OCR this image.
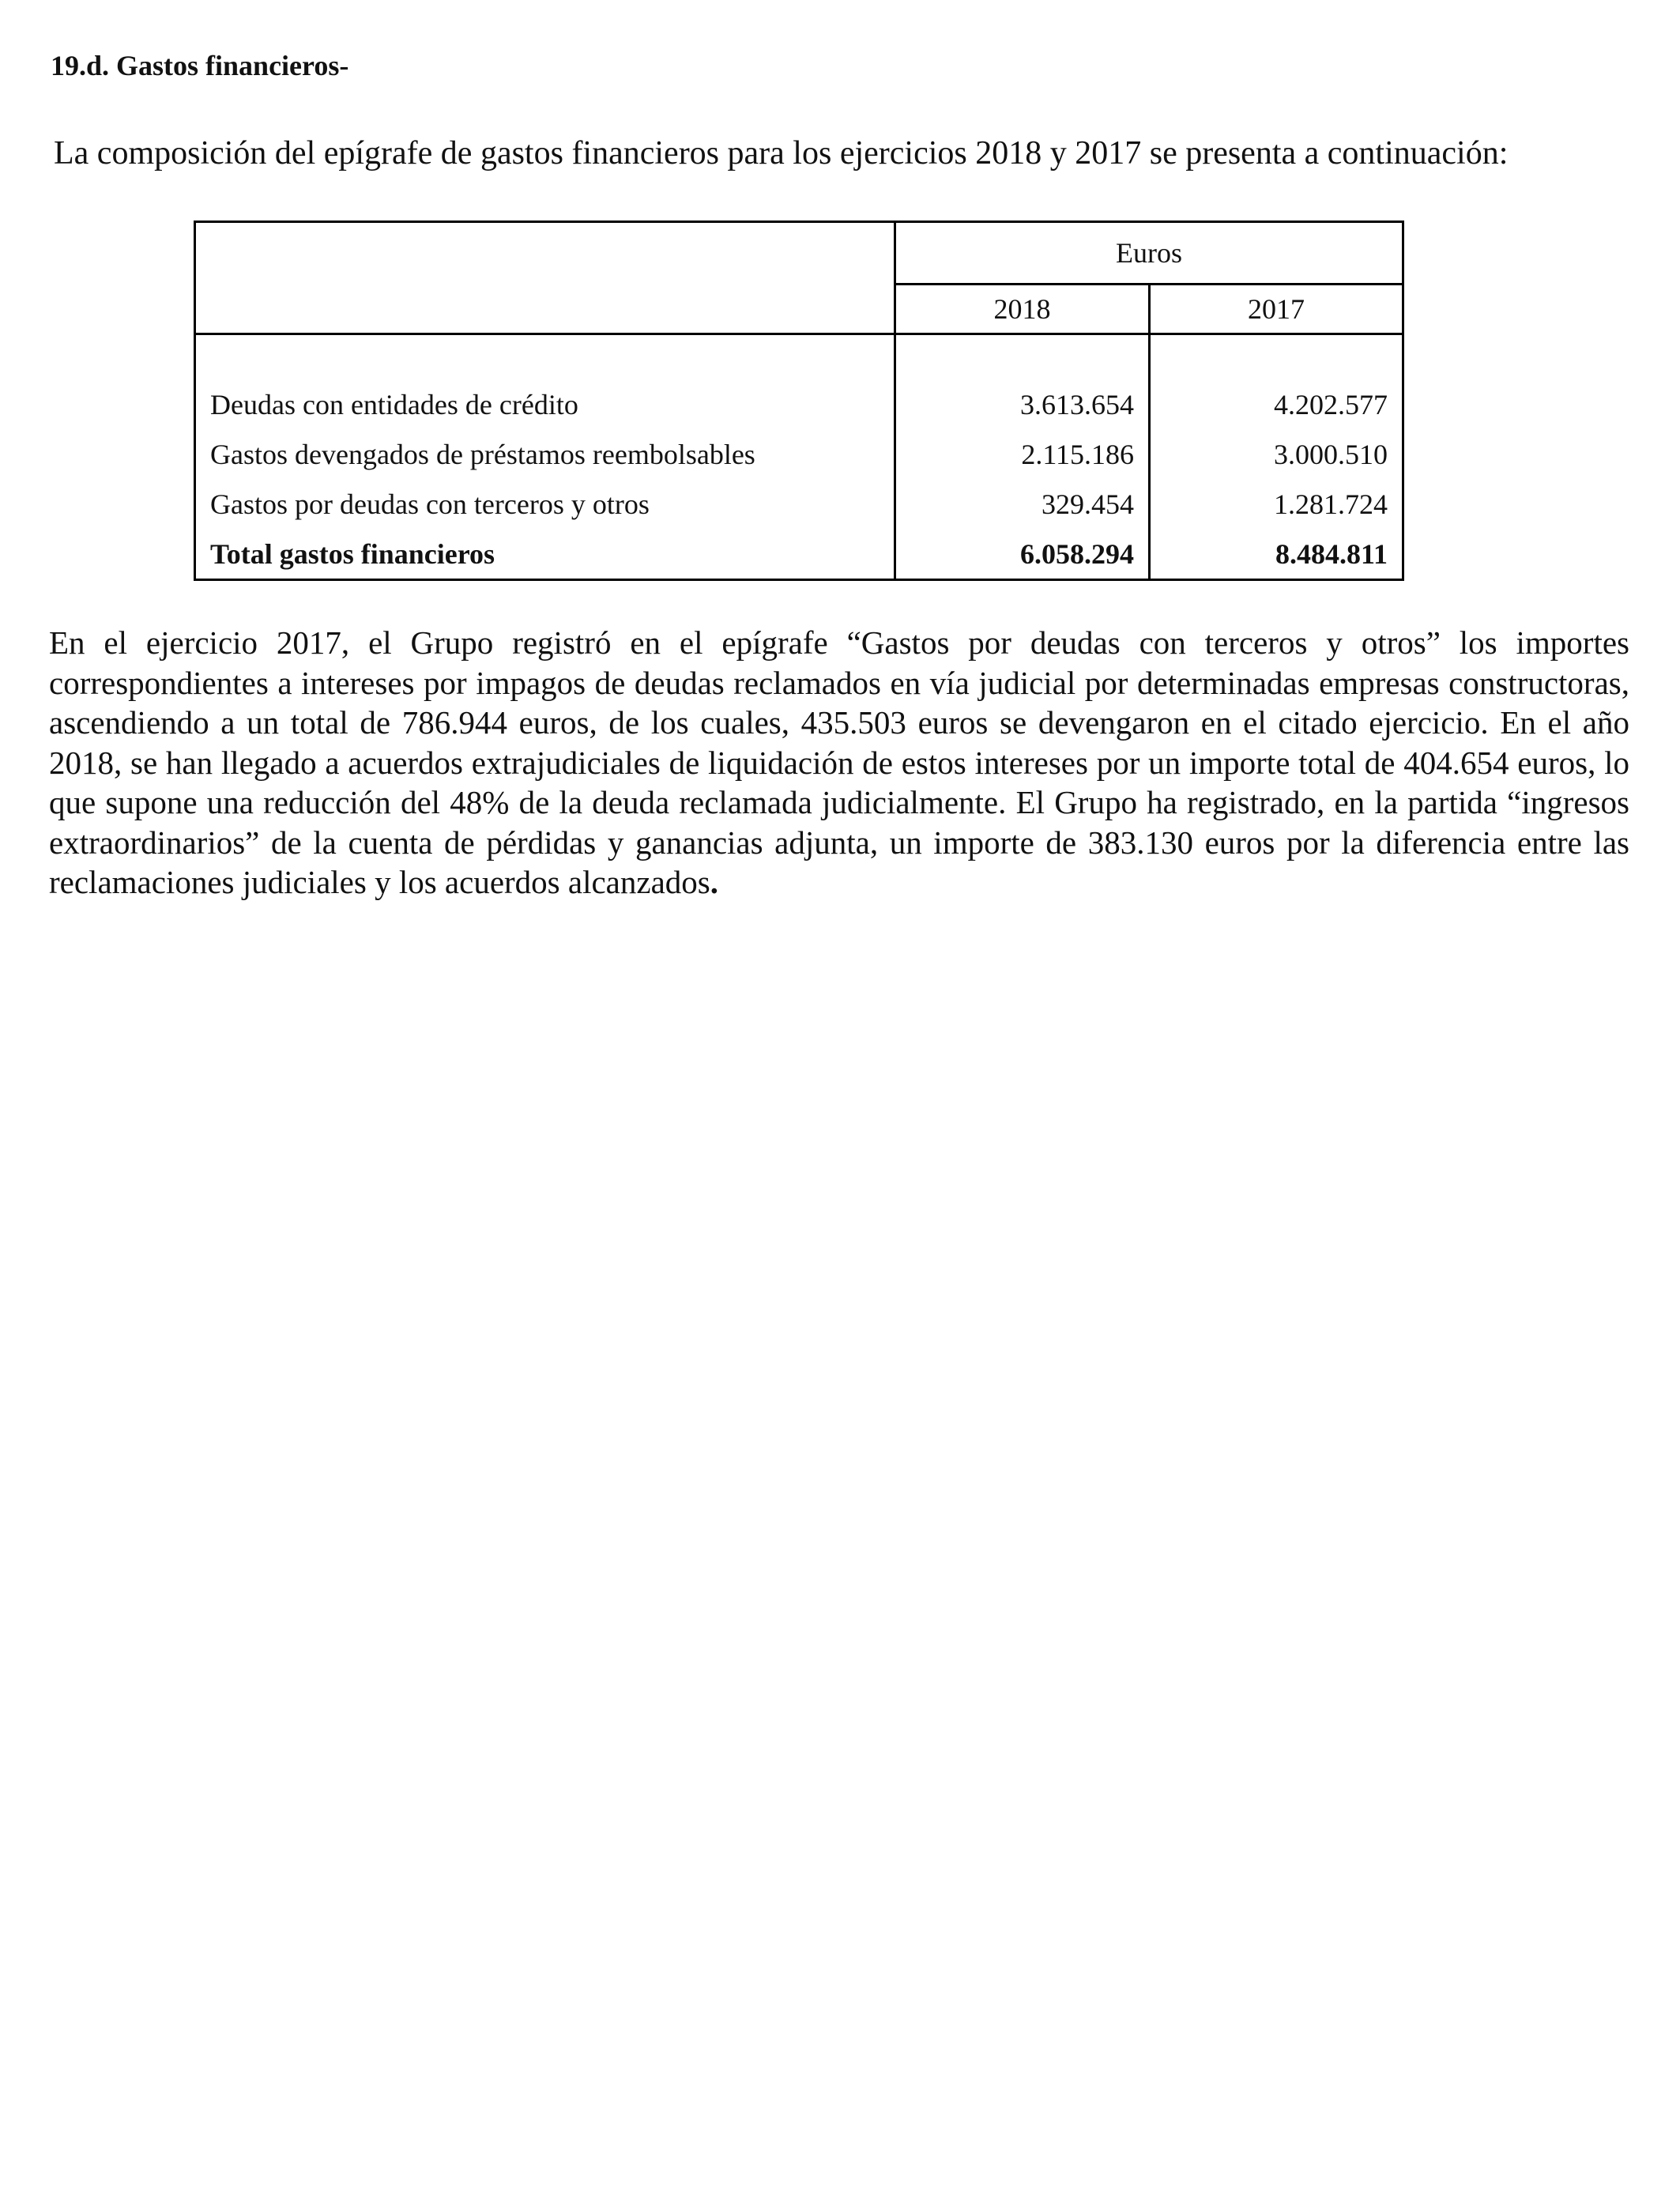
19.d. Gastos financieros-

La composición del epígrafe de gastos financieros para los ejercicios 2018 y 2017 se presenta a continuación:

	Euros	
	2018	2017

Deudas con entidades de crédito	3.613.654	4.202.577
Gastos devengados de préstamos reembolsables	2.115.186	3.000.510
Gastos por deudas con terceros y otros	329.454	1.281.724
Total gastos financieros	6.058.294	8.484.811

En el ejercicio 2017, el Grupo registró en el epígrafe “Gastos por deudas con terceros y otros” los importes correspondientes a intereses por impagos de deudas reclamados en vía judicial por determinadas empresas constructoras, ascendiendo a un total de 786.944 euros, de los cuales, 435.503 euros se devengaron en el citado ejercicio. En el año 2018, se han llegado a acuerdos extrajudiciales de liquidación de estos intereses por un importe total de 404.654 euros, lo que supone una reducción del 48% de la deuda reclamada judicialmente. El Grupo ha registrado, en la partida “ingresos extraordinarios” de la cuenta de pérdidas y ganancias adjunta, un importe de 383.130 euros por la diferencia entre las reclamaciones judiciales y los acuerdos alcanzados.
